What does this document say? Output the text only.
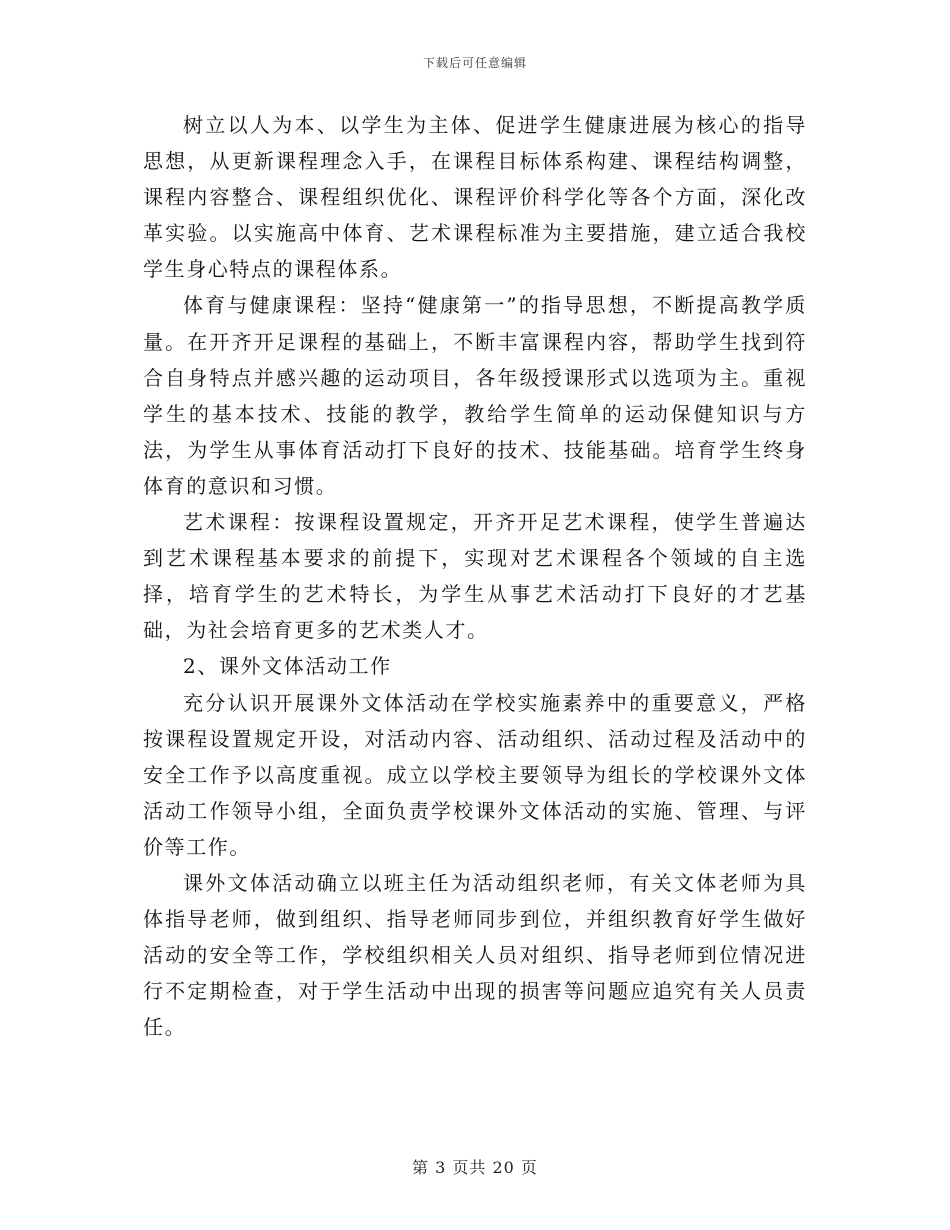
下载后可任意编辑

树立以人为本、以学生为主体、促进学生健康进展为核心的指导思想，从更新课程理念入手，在课程目标体系构建、课程结构调整，课程内容整合、课程组织优化、课程评价科学化等各个方面，深化改革实验。以实施高中体育、艺术课程标准为主要措施，建立适合我校学生身心特点的课程体系。

体育与健康课程：坚持“健康第一”的指导思想，不断提高教学质量。在开齐开足课程的基础上，不断丰富课程内容，帮助学生找到符合自身特点并感兴趣的运动项目，各年级授课形式以选项为主。重视学生的基本技术、技能的教学，教给学生简单的运动保健知识与方法，为学生从事体育活动打下良好的技术、技能基础。培育学生终身体育的意识和习惯。

艺术课程：按课程设置规定，开齐开足艺术课程，使学生普遍达到艺术课程基本要求的前提下，实现对艺术课程各个领域的自主选择，培育学生的艺术特长，为学生从事艺术活动打下良好的才艺基础，为社会培育更多的艺术类人才。

2、课外文体活动工作

充分认识开展课外文体活动在学校实施素养中的重要意义，严格按课程设置规定开设，对活动内容、活动组织、活动过程及活动中的安全工作予以高度重视。成立以学校主要领导为组长的学校课外文体活动工作领导小组，全面负责学校课外文体活动的实施、管理、与评价等工作。

课外文体活动确立以班主任为活动组织老师，有关文体老师为具体指导老师，做到组织、指导老师同步到位，并组织教育好学生做好活动的安全等工作，学校组织相关人员对组织、指导老师到位情况进行不定期检查，对于学生活动中出现的损害等问题应追究有关人员责任。

第 3 页共 20 页
